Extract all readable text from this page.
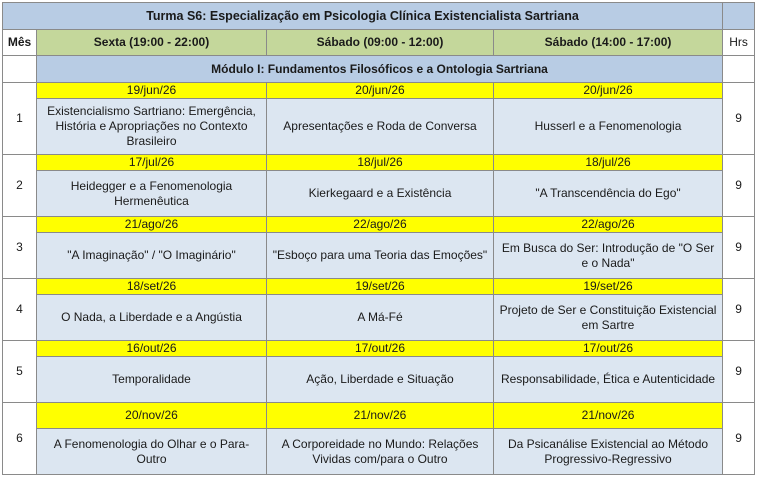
Turma S6: Especialização em Psicologia Clínica Existencialista Sartriana				
Mês	Sexta (19:00 - 22:00)	Sábado (09:00 - 12:00)	Sábado (14:00 - 17:00)	Hrs
	Módulo I: Fundamentos Filosóficos e a Ontologia Sartriana			
1	19/jun/26	20/jun/26	20/jun/26	9
	Existencialismo Sartriano: Emergência, História e Apropriações no Contexto Brasileiro	Apresentações e Roda de Conversa	Husserl e a Fenomenologia	
2	17/jul/26	18/jul/26	18/jul/26	9
	Heidegger e a Fenomenologia Hermenêutica	Kierkegaard e a Existência	"A Transcendência do Ego"	
3	21/ago/26	22/ago/26	22/ago/26	9
	"A Imaginação" / "O Imaginário"	"Esboço para uma Teoria das Emoções"	Em Busca do Ser: Introdução de "O Ser e o Nada"	
4	18/set/26	19/set/26	19/set/26	9
	O Nada, a Liberdade e a Angústia	A Má-Fé	Projeto de Ser e Constituição Existencial em Sartre	
5	16/out/26	17/out/26	17/out/26	9
	Temporalidade	Ação, Liberdade e Situação	Responsabilidade, Ética e Autenticidade	
6	20/nov/26	21/nov/26	21/nov/26	9
	A Fenomenologia do Olhar e o Para-Outro	A Corporeidade no Mundo: Relações Vividas com/para o Outro	Da Psicanálise Existencial ao Método Progressivo-Regressivo	
